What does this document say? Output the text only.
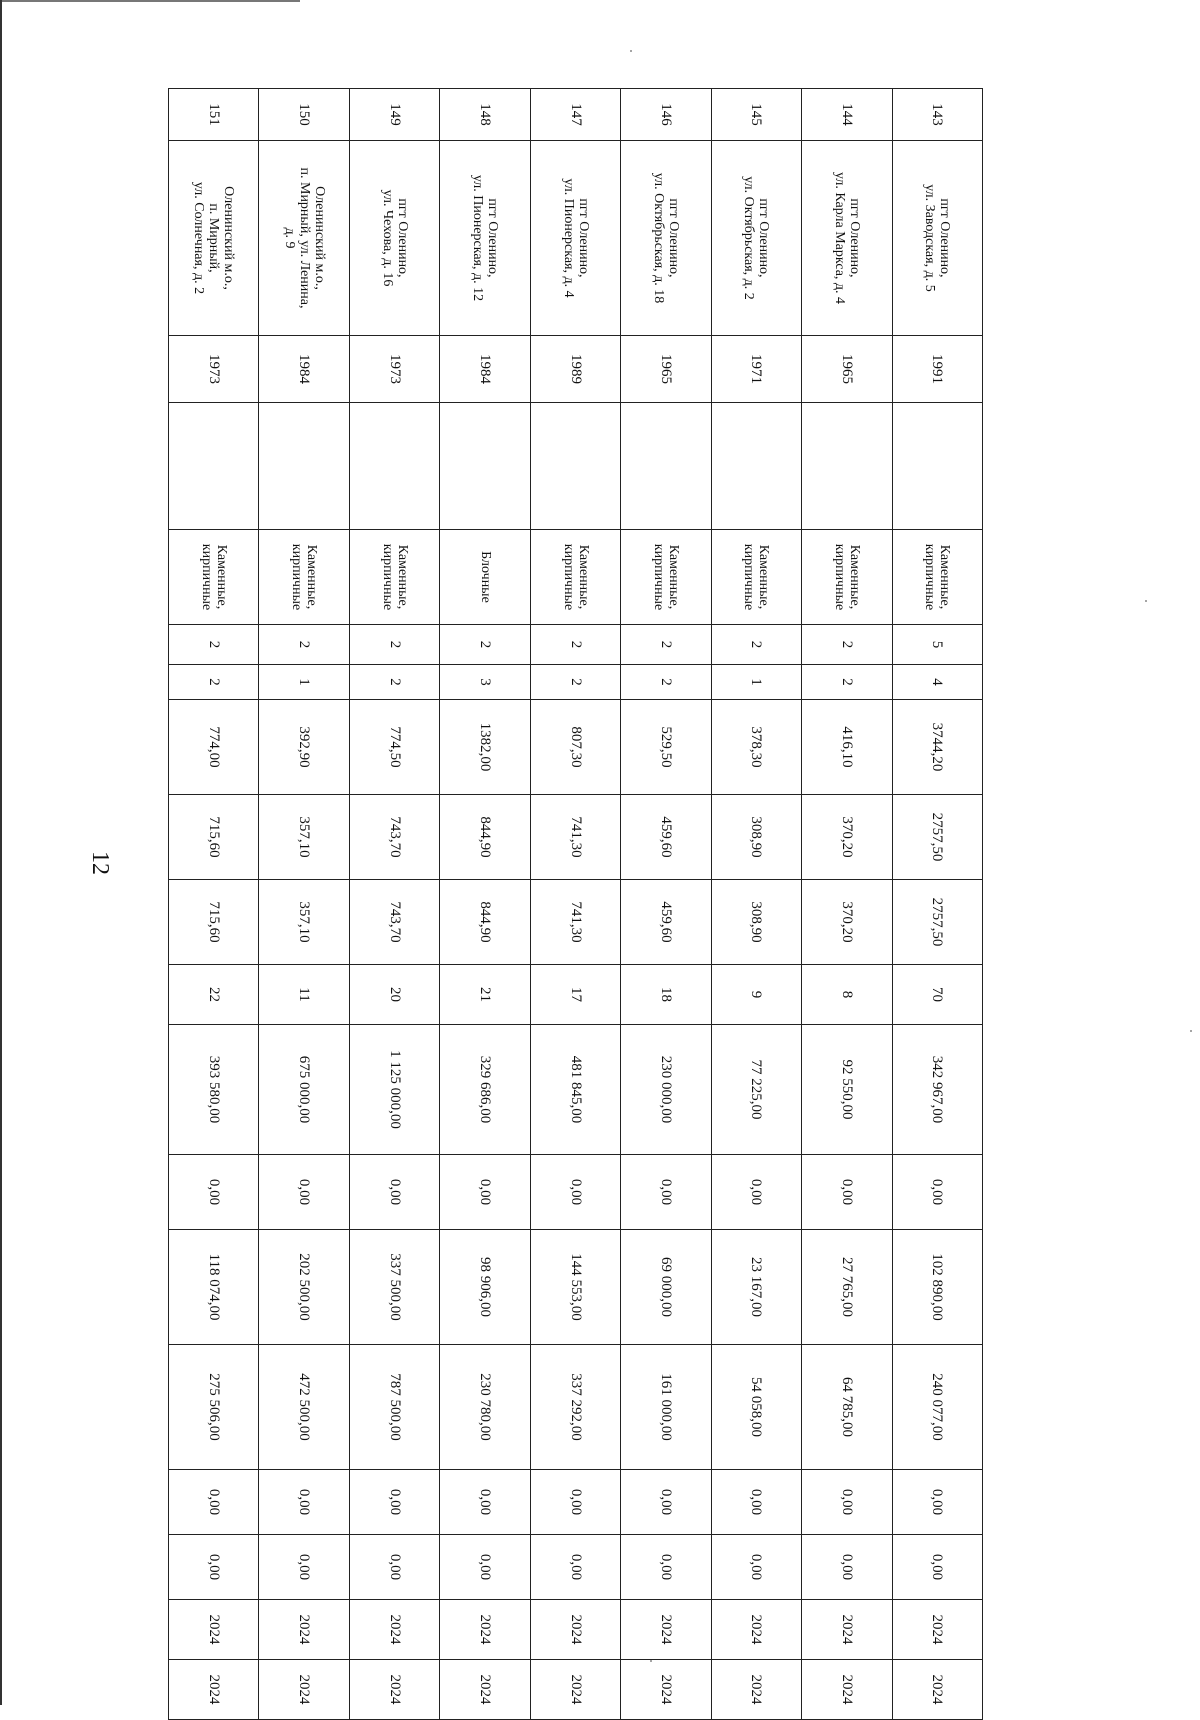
12
143	пгт Оленино,
ул. Заводская, д. 5	1991		Каменные,
кирпичные	5	4	3744,20	2757,50	2757,50	70	342 967,00	0,00	102 890,00	240 077,00	0,00	0,00	2024	2024
144	пгт Оленино,
ул. Карла Маркса, д. 4	1965		Каменные,
кирпичные	2	2	416,10	370,20	370,20	8	92 550,00	0,00	27 765,00	64 785,00	0,00	0,00	2024	2024
145	пгт Оленино,
ул. Октябрьская, д. 2	1971		Каменные,
кирпичные	2	1	378,30	308,90	308,90	9	77 225,00	0,00	23 167,00	54 058,00	0,00	0,00	2024	2024
146	пгт Оленино,
ул. Октябрьская, д. 18	1965		Каменные,
кирпичные	2	2	529,50	459,60	459,60	18	230 000,00	0,00	69 000,00	161 000,00	0,00	0,00	2024	2024
147	пгт Оленино,
ул. Пионерская, д. 4	1989		Каменные,
кирпичные	2	2	807,30	741,30	741,30	17	481 845,00	0,00	144 553,00	337 292,00	0,00	0,00	2024	2024
148	пгт Оленино,
ул. Пионерская, д. 12	1984		Блочные	2	3	1382,00	844,90	844,90	21	329 686,00	0,00	98 906,00	230 780,00	0,00	0,00	2024	2024
149	пгт Оленино,
ул. Чехова, д. 16	1973		Каменные,
кирпичные	2	2	774,50	743,70	743,70	20	1 125 000,00	0,00	337 500,00	787 500,00	0,00	0,00	2024	2024
150	Оленинский м.о.,
п. Мирный, ул. Ленина,
д. 9	1984		Каменные,
кирпичные	2	1	392,90	357,10	357,10	11	675 000,00	0,00	202 500,00	472 500,00	0,00	0,00	2024	2024
151	Оленинский м.о.,
п. Мирный,
ул. Солнечная, д. 2	1973		Каменные,
кирпичные	2	2	774,00	715,60	715,60	22	393 580,00	0,00	118 074,00	275 506,00	0,00	0,00	2024	2024
